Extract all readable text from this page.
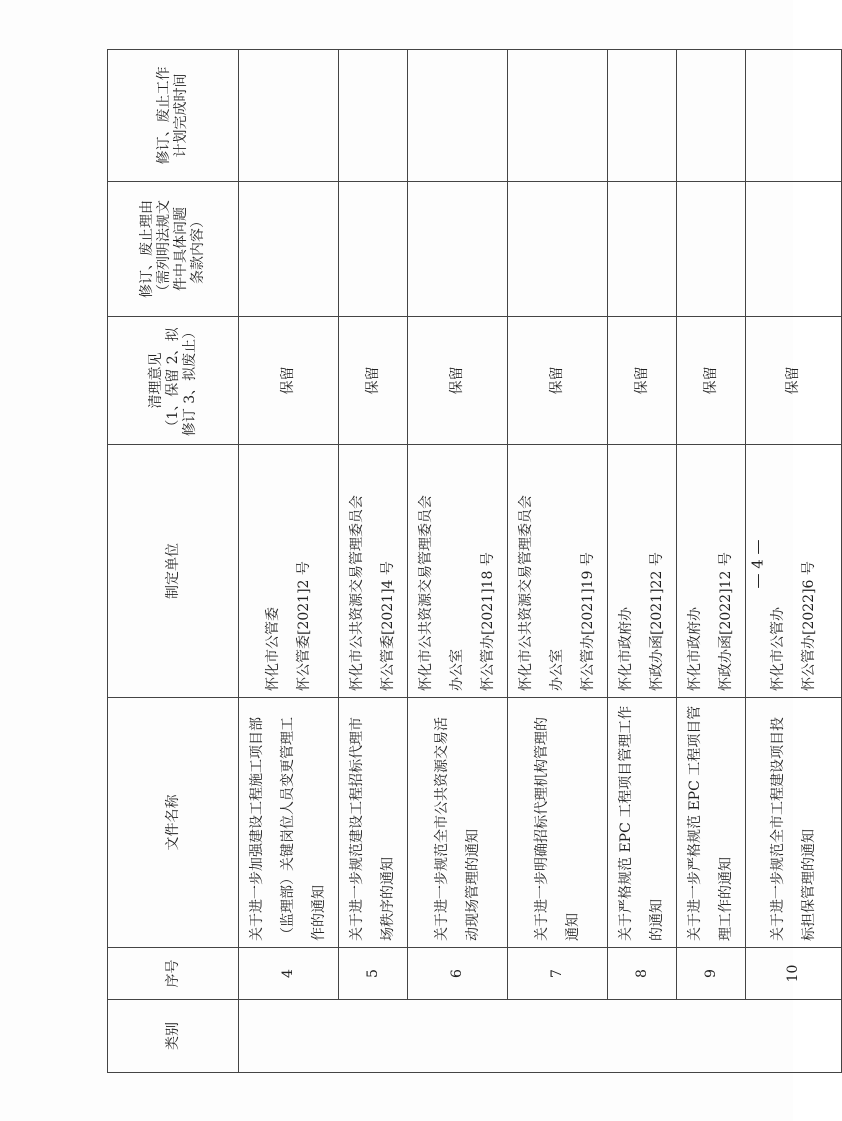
类别	序号	文件名称	制定单位	清理意见 （1、保留 2、拟 修订 3、拟废止）	修订、废止理由 （需列明法规文 件中具体问题 条款内容）	修订、废止工作 计划完成时间

	4	关于进一步加强建设工程施工项目部 （监理部）关键岗位人员变更管理工 作的通知	怀化市公管委 怀公管委[2021]2 号	保留		
	5	关于进一步规范建设工程招标代理市 场秩序的通知	怀化市公共资源交易管理委员会 怀公管委[2021]4 号	保留		
	6	关于进一步规范全市公共资源交易活 动现场管理的通知	怀化市公共资源交易管理委员会 办公室 怀公管办[2021]18 号	保留		
	7	关于进一步明确招标代理机构管理的 通知	怀化市公共资源交易管理委员会 办公室 怀公管办[2021]19 号	保留		
	8	关于严格规范 EPC 工程项目管理工作 的通知	怀化市政府办 怀政办函[2021]22 号	保留		
	9	关于进一步严格规范 EPC 工程项目管 理工作的通知	怀化市政府办 怀政办函[2022]12 号	保留		
	10	关于进一步规范全市工程建设项目投 标担保管理的通知	怀化市公管办 怀公管办[2022]6 号	保留		
— 4 —
